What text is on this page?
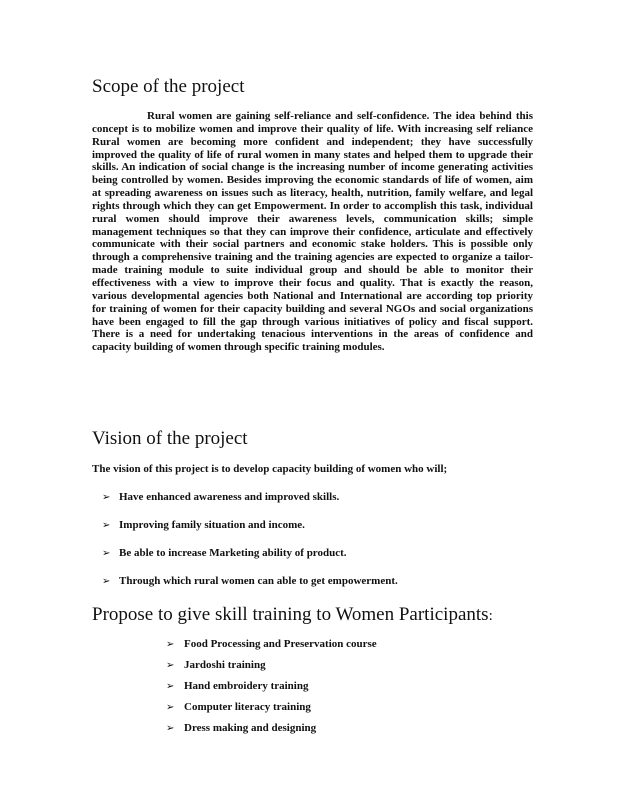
Scope of the project

Rural women are gaining self-reliance and self-confidence. The idea behind this concept is to mobilize women and improve their quality of life. With increasing self reliance Rural women are becoming more confident and independent; they have successfully improved the quality of life of rural women in many states and helped them to upgrade their skills. An indication of social change is the increasing number of income generating activities being controlled by women. Besides improving the economic standards of life of women, aim at spreading awareness on issues such as literacy, health, nutrition, family welfare, and legal rights through which they can get Empowerment. In order to accomplish this task, individual rural women should improve their awareness levels, communication skills; simple management techniques so that they can improve their confidence, articulate and effectively communicate with their social partners and economic stake holders. This is possible only through a comprehensive training and the training agencies are expected to organize a tailor-made training module to suite individual group and should be able to monitor their effectiveness with a view to improve their focus and quality. That is exactly the reason, various developmental agencies both National and International are according top priority for training of women for their capacity building and several NGOs and social organizations have been engaged to fill the gap through various initiatives of policy and fiscal support. There is a need for undertaking tenacious interventions in the areas of confidence and capacity building of women through specific training modules.

Vision of the project

The vision of this project is to develop capacity building of women who will;

➢ Have enhanced awareness and improved skills.
➢ Improving family situation and income.
➢ Be able to increase Marketing ability of product.
➢ Through which rural women can able to get empowerment.
Propose to give skill training to Women Participants:
➢ Food Processing and Preservation course
➢ Jardoshi training
➢ Hand embroidery training
➢ Computer literacy training
➢ Dress making and designing
